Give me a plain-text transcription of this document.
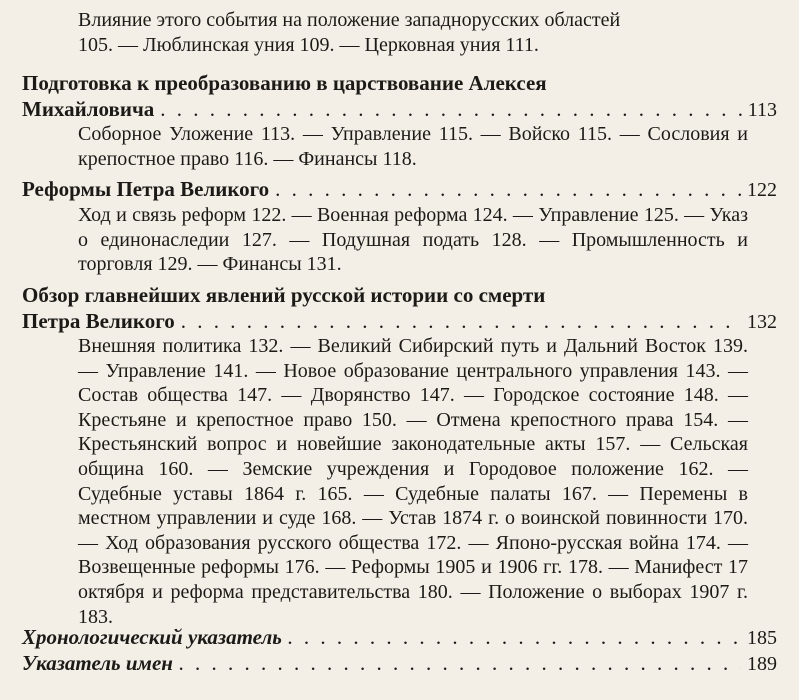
Влияние этого события на положение западнорусских областей
105. — Люблинская уния 109. — Церковная уния 111.
Подготовка к преобразованию в царствование Алексея
Михайловича . . .	113
Соборное Уложение 113. — Управление 115. — Войско 115. — Сословия и крепостное право 116. — Финансы 118.
Реформы Петра Великого . . .	122
Ход и связь реформ 122. — Военная реформа 124. — Управление 125. — Указ о единонаследии 127. — Подушная подать 128. — Промышленность и торговля 129. — Финансы 131.
Обзор главнейших явлений русской истории со смерти
Петра Великого . . .	132
Внешняя политика 132. — Великий Сибирский путь и Дальний Восток 139. — Управление 141. — Новое образование центрального управления 143. — Состав общества 147. — Дворянство 147. — Городское состояние 148. — Крестьяне и крепостное право 150. — Отмена крепостного права 154. — Крестьянский вопрос и новейшие законодательные акты 157. — Сельская община 160. — Земские учреждения и Городовое положение 162. — Судебные уставы 1864 г. 165. — Судебные палаты 167. — Перемены в местном управлении и суде 168. — Устав 1874 г. о воинской повинности 170. — Ход образования русского общества 172. — Японо-русская война 174. — Возвещенные реформы 176. — Реформы 1905 и 1906 гг. 178. — Манифест 17 октября и реформа представительства 180. — Положение о выборах 1907 г. 183.
Хронологический указатель . . .	185
Указатель имен . . .	189
